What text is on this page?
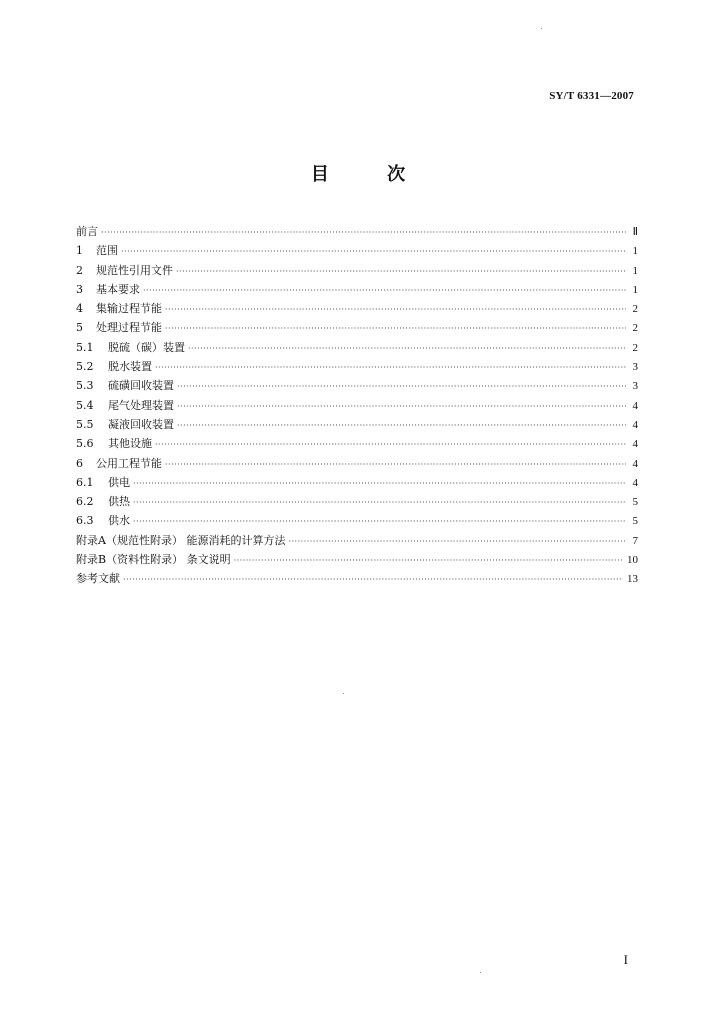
SY/T 6331—2007
目 次
前言 ·····	Ⅱ
1	范围 ·····	1
2	规范性引用文件 ·····	1
3	基本要求 ·····	1
4	集输过程节能 ·····	2
5	处理过程节能 ·····	2
5.1	脱硫（碳）装置 ·····	2
5.2	脱水装置 ·····	3
5.3	硫磺回收装置 ·····	3
5.4	尾气处理装置 ·····	4
5.5	凝液回收装置 ·····	4
5.6	其他设施 ·····	4
6	公用工程节能 ·····	4
6.1	供电 ·····	4
6.2	供热 ·····	5
6.3	供水 ·····	5
附录A（规范性附录） 能源消耗的计算方法 ·····	7
附录B（资料性附录） 条文说明 ·····	10
参考文献 ·····	13
I
